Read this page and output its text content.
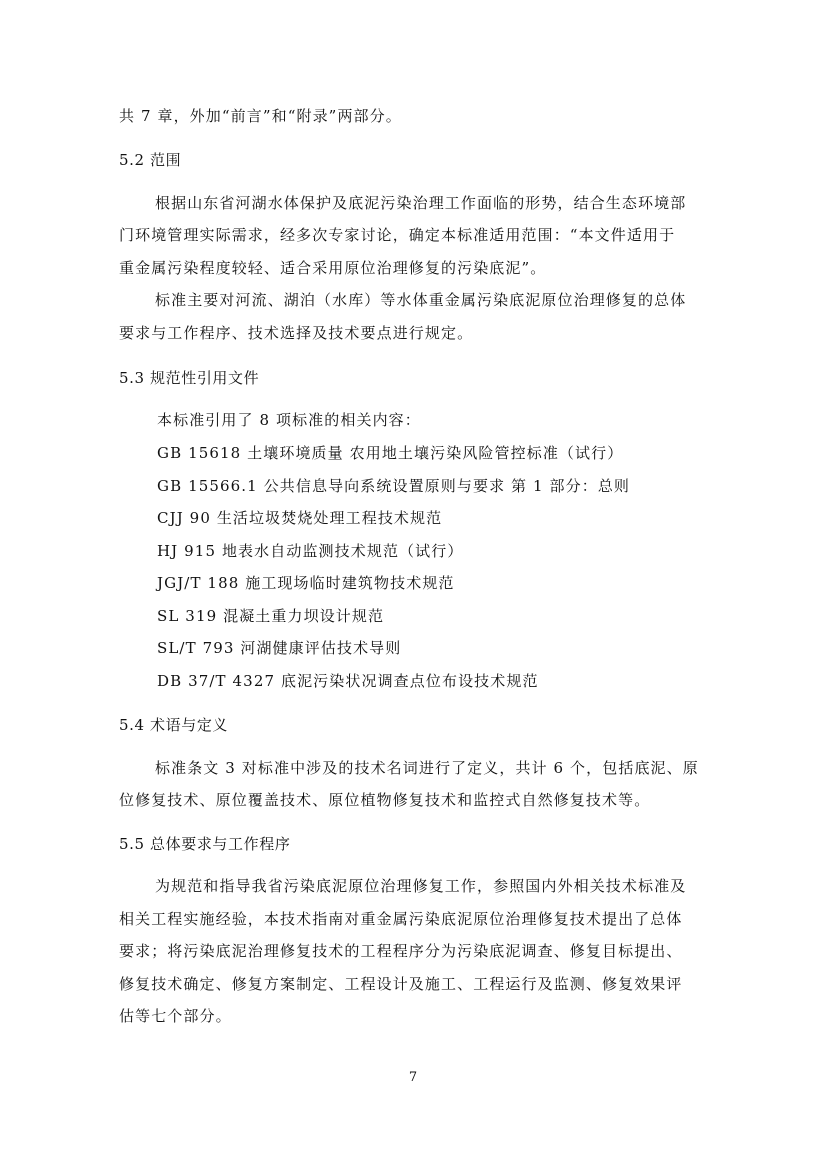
共 7 章，外加“前言”和“附录”两部分。
5.2 范围
根据山东省河湖水体保护及底泥污染治理工作面临的形势，结合生态环境部
门环境管理实际需求，经多次专家讨论，确定本标准适用范围：“本文件适用于
重金属污染程度较轻、适合采用原位治理修复的污染底泥”。
标准主要对河流、湖泊（水库）等水体重金属污染底泥原位治理修复的总体
要求与工作程序、技术选择及技术要点进行规定。
5.3 规范性引用文件
本标准引用了 8 项标准的相关内容：
GB 15618 土壤环境质量 农用地土壤污染风险管控标准（试行）
GB 15566.1 公共信息导向系统设置原则与要求 第 1 部分：总则
CJJ 90 生活垃圾焚烧处理工程技术规范
HJ 915 地表水自动监测技术规范（试行）
JGJ/T 188 施工现场临时建筑物技术规范
SL 319 混凝土重力坝设计规范
SL/T 793 河湖健康评估技术导则
DB 37/T 4327 底泥污染状况调查点位布设技术规范
5.4 术语与定义
标准条文 3 对标准中涉及的技术名词进行了定义，共计 6 个，包括底泥、原
位修复技术、原位覆盖技术、原位植物修复技术和监控式自然修复技术等。
5.5 总体要求与工作程序
为规范和指导我省污染底泥原位治理修复工作，参照国内外相关技术标准及
相关工程实施经验，本技术指南对重金属污染底泥原位治理修复技术提出了总体
要求；将污染底泥治理修复技术的工程程序分为污染底泥调查、修复目标提出、
修复技术确定、修复方案制定、工程设计及施工、工程运行及监测、修复效果评
估等七个部分。
7
